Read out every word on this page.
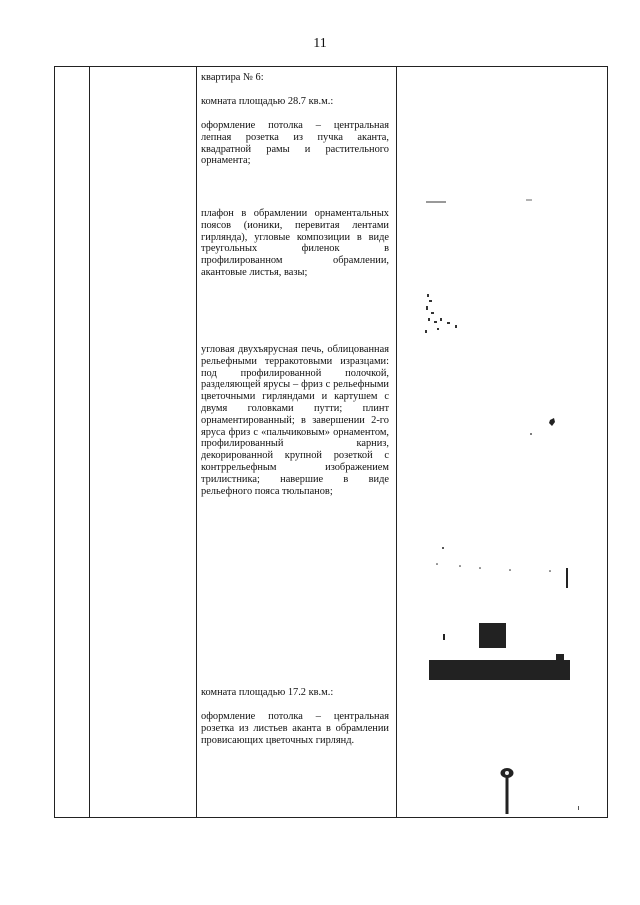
11

квартира № 6:

комната площадью 28.7 кв.м.:

оформление потолка – центральная лепная розетка из пучка аканта, квадратной рамы и растительного орнамента;

плафон в обрамлении орнаментальных поясов (ионики, перевитая лентами гирлянда), угловые композиции в виде треугольных филенок в профилированном обрамлении, акантовые листья, вазы;

угловая двухъярусная печь, облицованная рельефными терракотовыми изразцами: под профилированной полочкой, разделяющей ярусы – фриз с рельефными цветочными гирляндами и картушем с двумя головками путти; плинт орнаментированный; в завершении 2-го яруса фриз с «пальчиковым» орнаментом, профилированный карниз, декорированной крупной розеткой с контррельефным изображением трилистника; навершие в виде рельефного пояса тюльпанов;

комната площадью 17.2 кв.м.:

оформление потолка – центральная розетка из листьев аканта в обрамлении провисающих цветочных гирлянд.
